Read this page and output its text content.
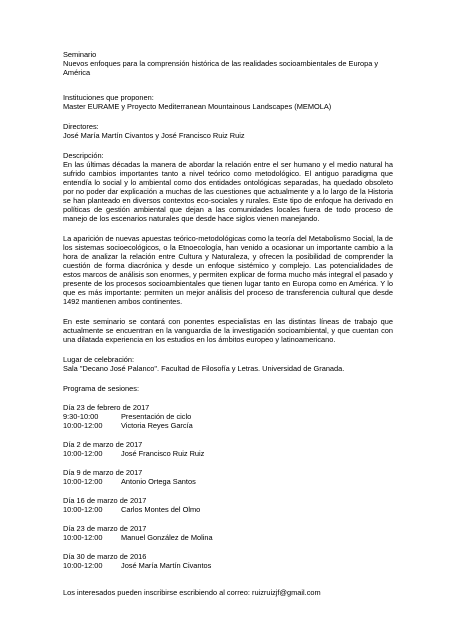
Seminario
Nuevos enfoques para la comprensión histórica de las realidades socioambientales de Europa y América
Instituciones que proponen:
Master EURAME y Proyecto Mediterranean Mountainous Landscapes (MEMOLA)
Directores:
José María Martín Civantos y José Francisco Ruiz Ruiz
Descripción:
En las últimas décadas la manera de abordar la relación entre el ser humano y el medio natural ha sufrido cambios importantes tanto a nivel teórico como metodológico. El antiguo paradigma que entendía lo social y lo ambiental como dos entidades ontológicas separadas, ha quedado obsoleto por no poder dar explicación a muchas de las cuestiones que actualmente y a lo largo de la Historia se han planteado en diversos contextos eco-sociales y rurales. Este tipo de enfoque ha derivado en políticas de gestión ambiental que dejan a las comunidades locales fuera de todo proceso de manejo de los escenarios naturales que desde hace siglos vienen manejando.
La aparición de nuevas apuestas teórico-metodológicas como la teoría del Metabolismo Social, la de los sistemas socioecológicos, o la Etnoecología, han venido a ocasionar un importante cambio a la hora de analizar la relación entre Cultura y Naturaleza, y ofrecen la posibilidad de comprender la cuestión de forma diacrónica y desde un enfoque sistémico y complejo. Las potencialidades de estos marcos de análisis son enormes, y permiten explicar de forma mucho más integral el pasado y presente de los procesos socioambientales que tienen lugar tanto en Europa como en América. Y lo que es más importante: permiten un mejor análisis del proceso de transferencia cultural que desde 1492 mantienen ambos continentes.
En este seminario se contará con ponentes especialistas en las distintas líneas de trabajo que actualmente se encuentran en la vanguardia de la investigación socioambiental, y que cuentan con una dilatada experiencia en los estudios en los ámbitos europeo y latinoamericano.
Lugar de celebración:
Sala "Decano José Palanco". Facultad de Filosofía y Letras. Universidad de Granada.
Programa de sesiones:
Día 23 de febrero de 2017
9:30-10:00	Presentación de ciclo
10:00-12:00	Victoria Reyes García
Día 2 de marzo de 2017
10:00-12:00	José Francisco Ruiz Ruiz
Día 9 de marzo de 2017
10:00-12:00	Antonio Ortega Santos
Día 16 de marzo de 2017
10:00-12:00	Carlos Montes del Olmo
Día 23 de marzo de 2017
10:00-12:00	Manuel González de Molina
Día 30 de marzo de 2016
10:00-12:00	José María Martín Civantos
Los interesados pueden inscribirse escribiendo al correo: ruizruizjf@gmail.com
